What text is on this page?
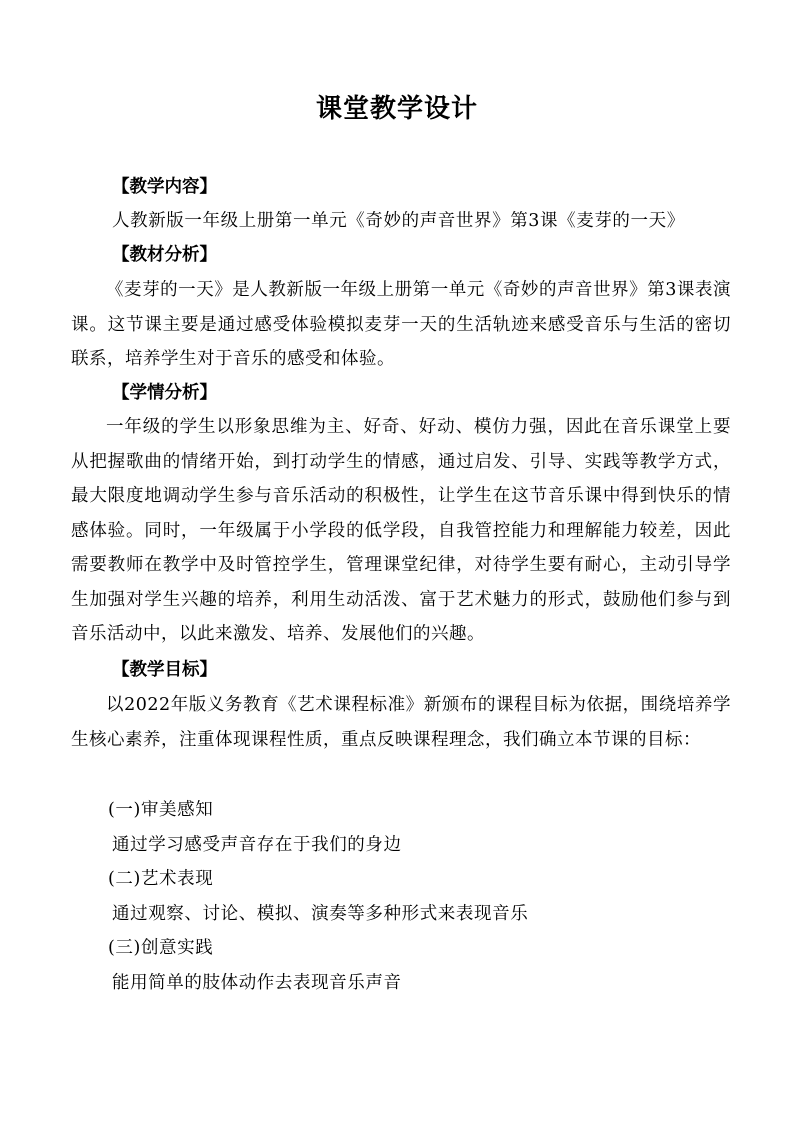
课堂教学设计
【教学内容】
人教新版一年级上册第一单元《奇妙的声音世界》第3课《麦芽的一天》
【教材分析】
《麦芽的一天》是人教新版一年级上册第一单元《奇妙的声音世界》第3课表演课。这节课主要是通过感受体验模拟麦芽一天的生活轨迹来感受音乐与生活的密切联系，培养学生对于音乐的感受和体验。
【学情分析】
一年级的学生以形象思维为主、好奇、好动、模仿力强，因此在音乐课堂上要从把握歌曲的情绪开始，到打动学生的情感，通过启发、引导、实践等教学方式，最大限度地调动学生参与音乐活动的积极性，让学生在这节音乐课中得到快乐的情感体验。同时，一年级属于小学段的低学段，自我管控能力和理解能力较差，因此需要教师在教学中及时管控学生，管理课堂纪律，对待学生要有耐心，主动引导学生加强对学生兴趣的培养，利用生动活泼、富于艺术魅力的形式，鼓励他们参与到音乐活动中，以此来激发、培养、发展他们的兴趣。
【教学目标】
以2022年版义务教育《艺术课程标准》新颁布的课程目标为依据，围绕培养学生核心素养，注重体现课程性质，重点反映课程理念，我们确立本节课的目标：
(一)审美感知
通过学习感受声音存在于我们的身边
(二)艺术表现
通过观察、讨论、模拟、演奏等多种形式来表现音乐
(三)创意实践
能用简单的肢体动作去表现音乐声音
